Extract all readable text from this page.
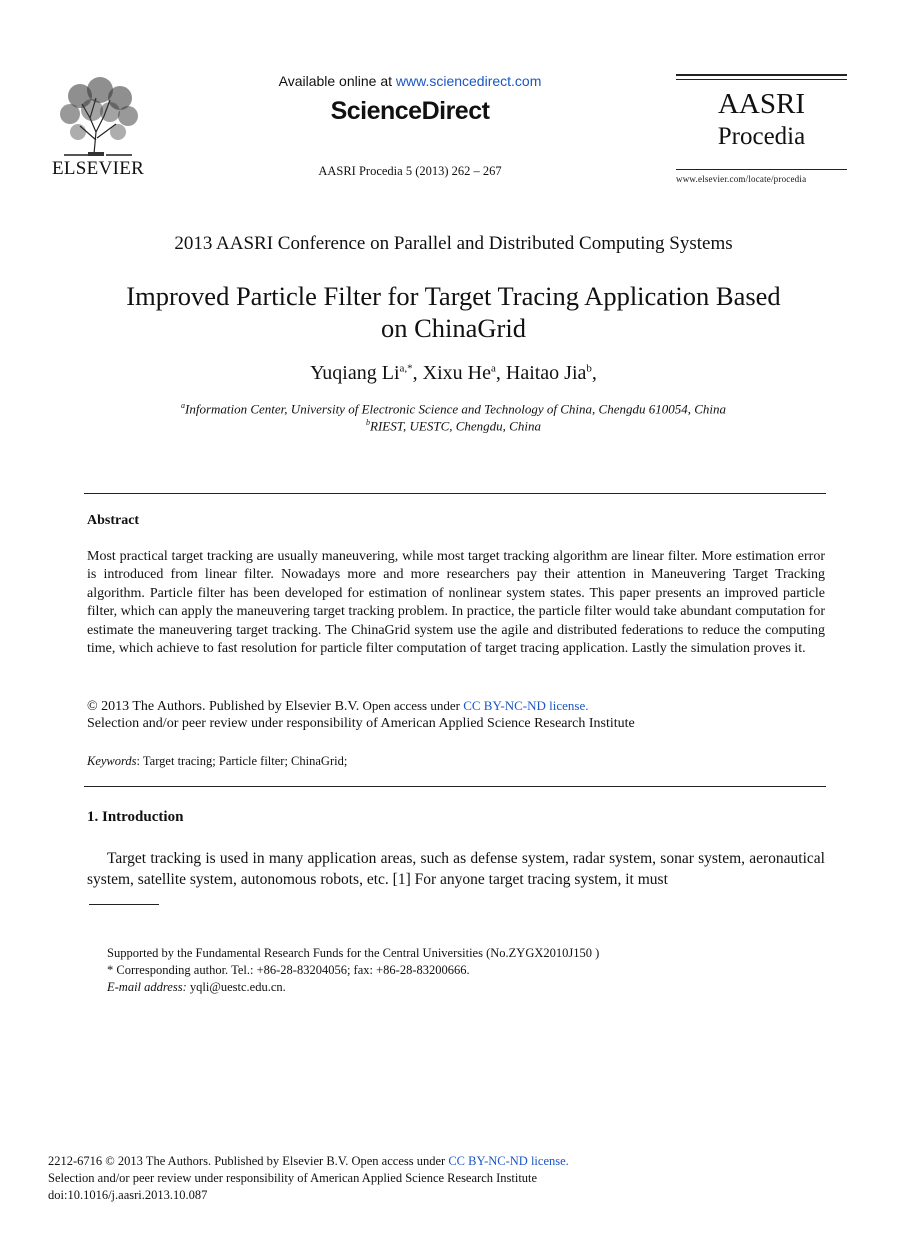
ELSEVIER
Available online at www.sciencedirect.com
ScienceDirect
AASRI Procedia 5 (2013) 262 – 267
AASRI
Procedia
www.elsevier.com/locate/procedia
2013 AASRI Conference on Parallel and Distributed Computing Systems
Improved Particle Filter for Target Tracing Application Based
on ChinaGrid
Yuqiang $Li^{a,*}$, Xixu He$^a$, Haitao Jia$^b$,
$^a$Information Center, University of Electronic Science and Technology of China, Chengdu 610054, China
$^b$RIEST, UESTC, Chengdu, China
Abstract
Most practical target tracking are usually maneuvering, while most target tracking algorithm are linear filter. More estimation error is introduced from linear filter. Nowadays more and more researchers pay their attention in Maneuvering Target Tracking algorithm. Particle filter has been developed for estimation of nonlinear system states. This paper presents an improved particle filter, which can apply the maneuvering target tracking problem. In practice, the particle filter would take abundant computation for estimate the maneuvering target tracking. The ChinaGrid system use the agile and distributed federations to reduce the computing time, which achieve to fast resolution for particle filter computation of target tracing application. Lastly the simulation proves it.
© 2013 The Authors. Published by Elsevier B.V. Open access under CC BY-NC-ND license.
Selection and/or peer review under responsibility of American Applied Science Research Institute
Keywords: Target tracing; Particle filter; ChinaGrid;
1. Introduction
Target tracking is used in many application areas, such as defense system, radar system, sonar system, aeronautical system, satellite system, autonomous robots, etc. [1] For anyone target tracing system, it must
Supported by the Fundamental Research Funds for the Central Universities (No.ZYGX2010J150 )
* Corresponding author. Tel.: +86-28-83204056; fax: +86-28-83200666.
E-mail address: yqli@uestc.edu.cn.
2212-6716 © 2013 The Authors. Published by Elsevier B.V. Open access under CC BY-NC-ND license.
Selection and/or peer review under responsibility of American Applied Science Research Institute
doi:10.1016/j.aasri.2013.10.087
